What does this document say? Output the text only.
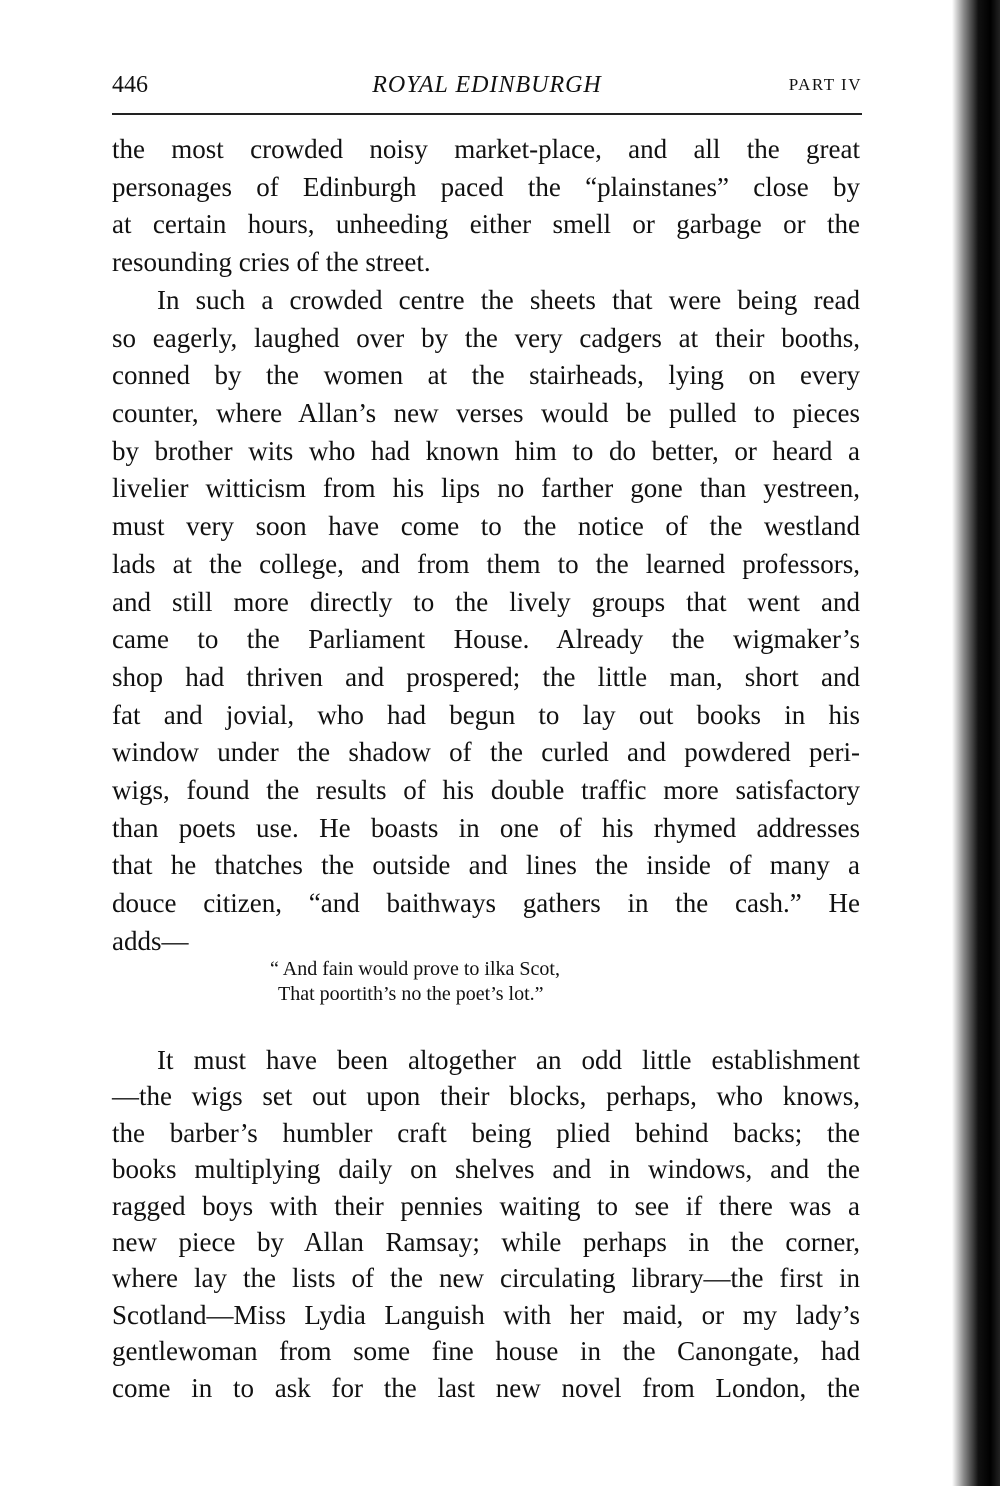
446	ROYAL EDINBURGH	PART IV
the most crowded noisy market-place, and all the great
personages of Edinburgh paced the “plainstanes” close by
at certain hours, unheeding either smell or garbage or the
resounding cries of the street.
In such a crowded centre the sheets that were being read
so eagerly, laughed over by the very cadgers at their booths,
conned by the women at the stairheads, lying on every
counter, where Allan’s new verses would be pulled to pieces
by brother wits who had known him to do better, or heard a
livelier witticism from his lips no farther gone than yestreen,
must very soon have come to the notice of the westland
lads at the college, and from them to the learned professors,
and still more directly to the lively groups that went and
came to the Parliament House. Already the wigmaker’s
shop had thriven and prospered; the little man, short and
fat and jovial, who had begun to lay out books in his
window under the shadow of the curled and powdered peri-
wigs, found the results of his double traffic more satisfactory
than poets use. He boasts in one of his rhymed addresses
that he thatches the outside and lines the inside of many a
douce citizen, “and baithways gathers in the cash.” He
adds—
“ And fain would prove to ilka Scot,
That poortith’s no the poet’s lot.”
It must have been altogether an odd little establishment
—the wigs set out upon their blocks, perhaps, who knows,
the barber’s humbler craft being plied behind backs; the
books multiplying daily on shelves and in windows, and the
ragged boys with their pennies waiting to see if there was a
new piece by Allan Ramsay; while perhaps in the corner,
where lay the lists of the new circulating library—the first in
Scotland—Miss Lydia Languish with her maid, or my lady’s
gentlewoman from some fine house in the Canongate, had
come in to ask for the last new novel from London, the
